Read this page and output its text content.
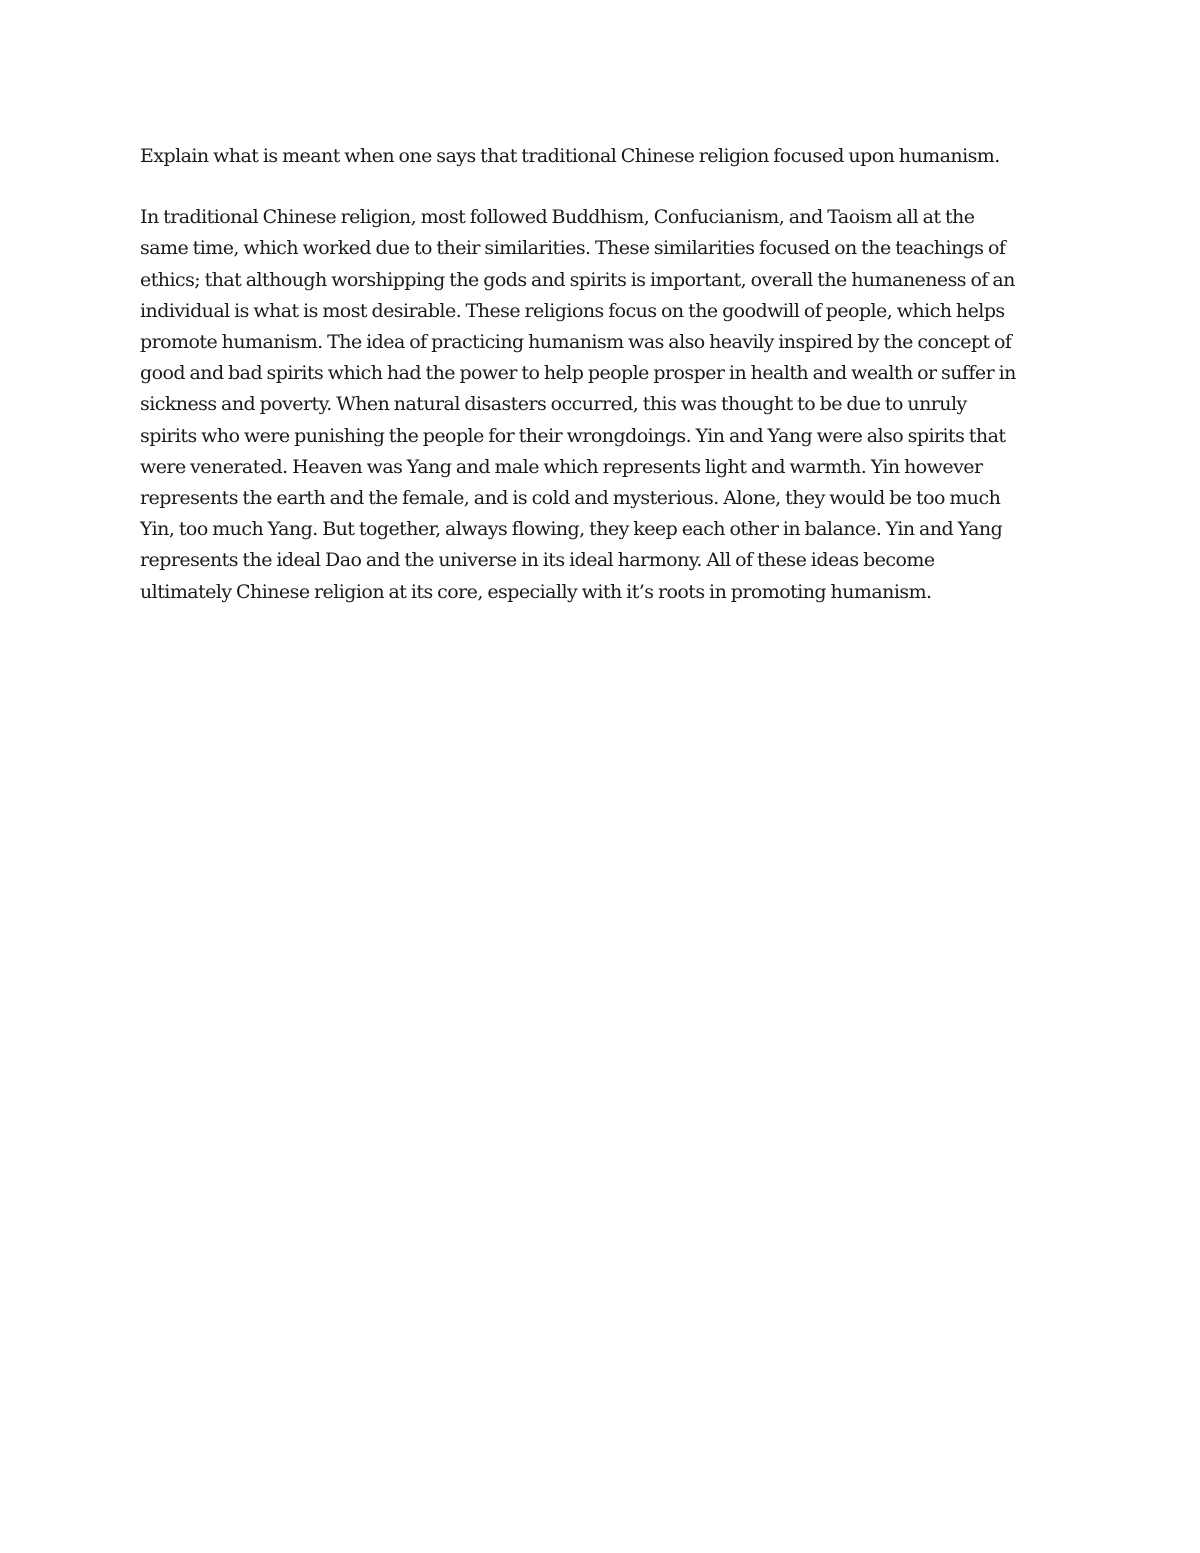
Explain what is meant when one says that traditional Chinese religion focused upon humanism.

In traditional Chinese religion, most followed Buddhism, Confucianism, and Taoism all at the

same time, which worked due to their similarities. These similarities focused on the teachings of

ethics; that although worshipping the gods and spirits is important, overall the humaneness of an

individual is what is most desirable. These religions focus on the goodwill of people, which helps

promote humanism. The idea of practicing humanism was also heavily inspired by the concept of

good and bad spirits which had the power to help people prosper in health and wealth or suffer in

sickness and poverty. When natural disasters occurred, this was thought to be due to unruly

spirits who were punishing the people for their wrongdoings. Yin and Yang were also spirits that

were venerated. Heaven was Yang and male which represents light and warmth. Yin however

represents the earth and the female, and is cold and mysterious. Alone, they would be too much

Yin, too much Yang. But together, always flowing, they keep each other in balance. Yin and Yang

represents the ideal Dao and the universe in its ideal harmony. All of these ideas become

ultimately Chinese religion at its core, especially with it’s roots in promoting humanism.
